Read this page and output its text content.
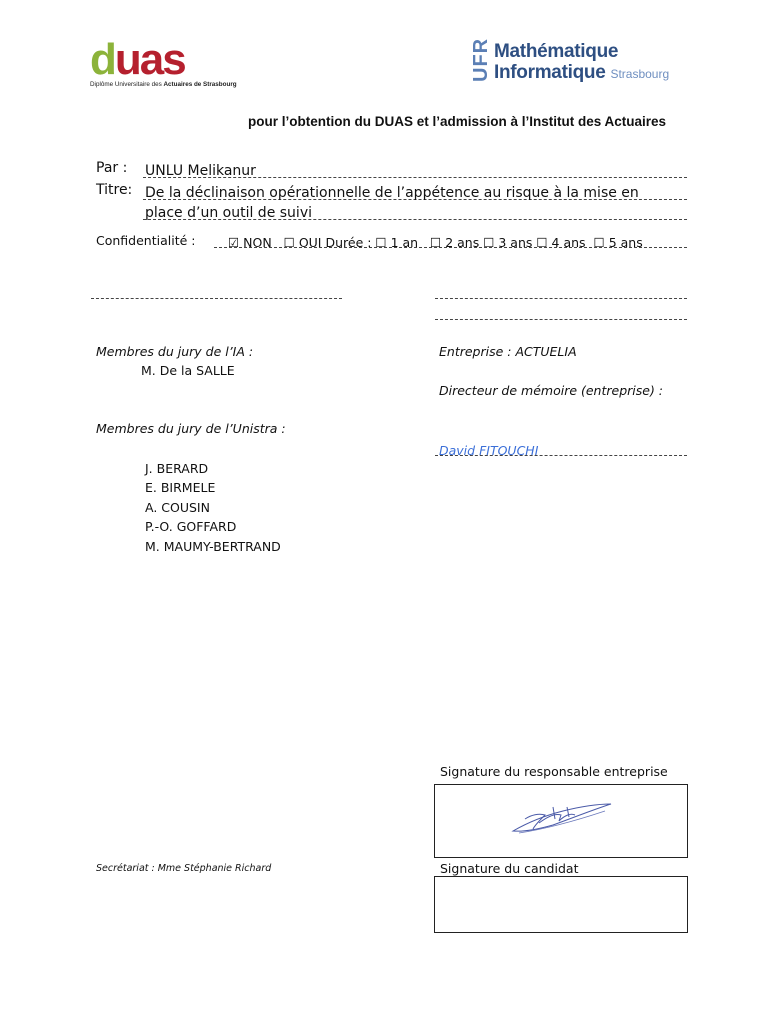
duas
Diplôme Universitaire des Actuaires de Strasbourg
UFR Mathématique
Informatique Strasbourg
pour l’obtention du DUAS et l’admission à l’Institut des Actuaires
Par : UNLU Melikanur
Titre: De la déclinaison opérationnelle de l’appétence au risque à la mise en
place d’un outil de suivi
Confidentialité :	☑ NON   ☐ OUI Durée : ☐ 1 an   ☐ 2 ans ☐ 3 ans ☐ 4 ans  ☐ 5 ans
Membres du jury de l’IA :
M. De la SALLE
Membres du jury de l’Unistra :
J. BERARD
E. BIRMELE
A. COUSIN
P.-O. GOFFARD
M. MAUMY-BERTRAND
Entreprise : ACTUELIA
Directeur de mémoire (entreprise) :
David FITOUCHI
Signature du responsable entreprise
Secrétariat : Mme Stéphanie Richard	Signature du candidat
